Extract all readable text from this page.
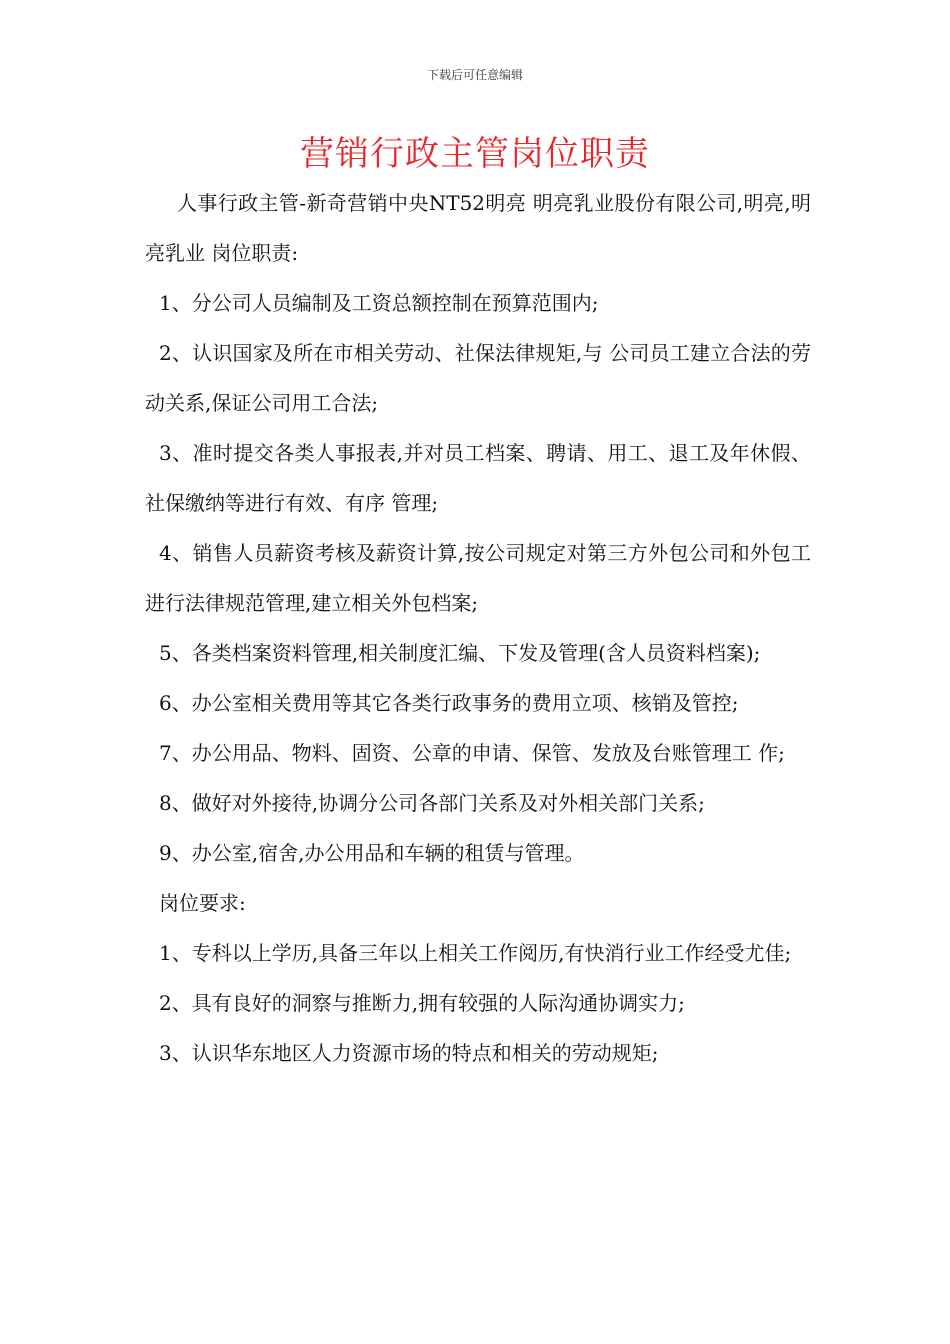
下载后可任意编辑
营销行政主管岗位职责

人事行政主管-新奇营销中央NT52明亮 明亮乳业股份有限公司,明亮,明亮乳业 岗位职责:

1、分公司人员编制及工资总额控制在预算范围内;

2、认识国家及所在市相关劳动、社保法律规矩,与 公司员工建立合法的劳动关系,保证公司用工合法;

3、准时提交各类人事报表,并对员工档案、聘请、用工、退工及年休假、社保缴纳等进行有效、有序 管理;

4、销售人员薪资考核及薪资计算,按公司规定对第三方外包公司和外包工进行法律规范管理,建立相关外包档案;

5、各类档案资料管理,相关制度汇编、下发及管理(含人员资料档案);

6、办公室相关费用等其它各类行政事务的费用立项、核销及管控;

7、办公用品、物料、固资、公章的申请、保管、发放及台账管理工 作;

8、做好对外接待,协调分公司各部门关系及对外相关部门关系;

9、办公室,宿舍,办公用品和车辆的租赁与管理。

岗位要求:

1、专科以上学历,具备三年以上相关工作阅历,有快消行业工作经受尤佳;

2、具有良好的洞察与推断力,拥有较强的人际沟通协调实力;

3、认识华东地区人力资源市场的特点和相关的劳动规矩;
